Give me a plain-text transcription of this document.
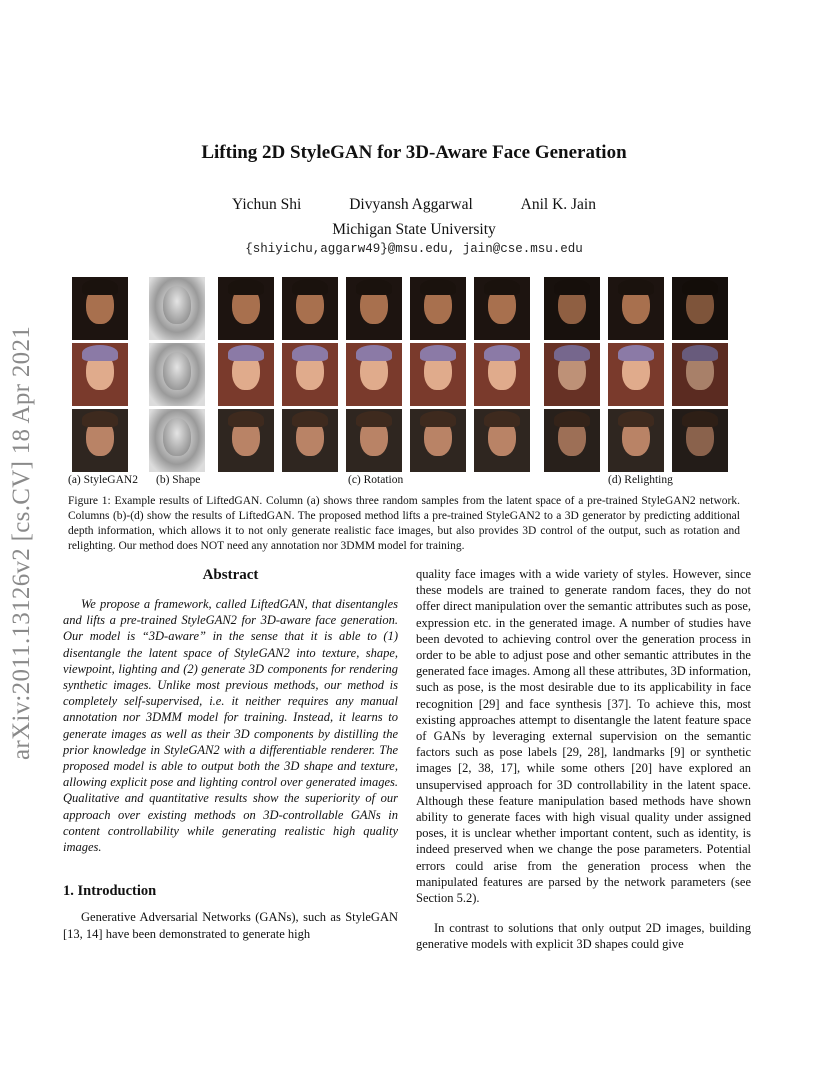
arXiv:2011.13126v2 [cs.CV] 18 Apr 2021
Lifting 2D StyleGAN for 3D-Aware Face Generation
Yichun Shi	Divyansh Aggarwal	Anil K. Jain
Michigan State University
{shiyichu,aggarw49}@msu.edu, jain@cse.msu.edu
(a) StyleGAN2 (b) Shape	(c) Rotation	(d) Relighting
Figure 1: Example results of LiftedGAN. Column (a) shows three random samples from the latent space of a pre-trained StyleGAN2 network. Columns (b)-(d) show the results of LiftedGAN. The proposed method lifts a pre-trained StyleGAN2 to a 3D generator by predicting additional depth information, which allows it to not only generate realistic face images, but also provides 3D control of the output, such as rotation and relighting. Our method does NOT need any annotation nor 3DMM model for training.
Abstract

We propose a framework, called LiftedGAN, that disentangles and lifts a pre-trained StyleGAN2 for 3D-aware face generation. Our model is “3D-aware” in the sense that it is able to (1) disentangle the latent space of StyleGAN2 into texture, shape, viewpoint, lighting and (2) generate 3D components for rendering synthetic images. Unlike most previous methods, our method is completely self-supervised, i.e. it neither requires any manual annotation nor 3DMM model for training. Instead, it learns to generate images as well as their 3D components by distilling the prior knowledge in StyleGAN2 with a differentiable renderer. The proposed model is able to output both the 3D shape and texture, allowing explicit pose and lighting control over generated images. Qualitative and quantitative results show the superiority of our approach over existing methods on 3D-controllable GANs in content controllability while generating realistic high quality images.

1. Introduction

Generative Adversarial Networks (GANs), such as StyleGAN [13, 14] have been demonstrated to generate high

quality face images with a wide variety of styles. However, since these models are trained to generate random faces, they do not offer direct manipulation over the semantic attributes such as pose, expression etc. in the generated image. A number of studies have been devoted to achieving control over the generation process in order to be able to adjust pose and other semantic attributes in the generated face images. Among all these attributes, 3D information, such as pose, is the most desirable due to its applicability in face recognition [29] and face synthesis [37]. To achieve this, most existing approaches attempt to disentangle the latent feature space of GANs by leveraging external supervision on the semantic factors such as pose labels [29, 28], landmarks [9] or synthetic images [2, 38, 17], while some others [20] have explored an unsupervised approach for 3D controllability in the latent space. Although these feature manipulation based methods have shown ability to generate faces with high visual quality under assigned poses, it is unclear whether important content, such as identity, is indeed preserved when we change the pose parameters. Potential errors could arise from the generation process when the manipulated features are parsed by the network parameters (see Section 5.2).

In contrast to solutions that only output 2D images, building generative models with explicit 3D shapes could give
